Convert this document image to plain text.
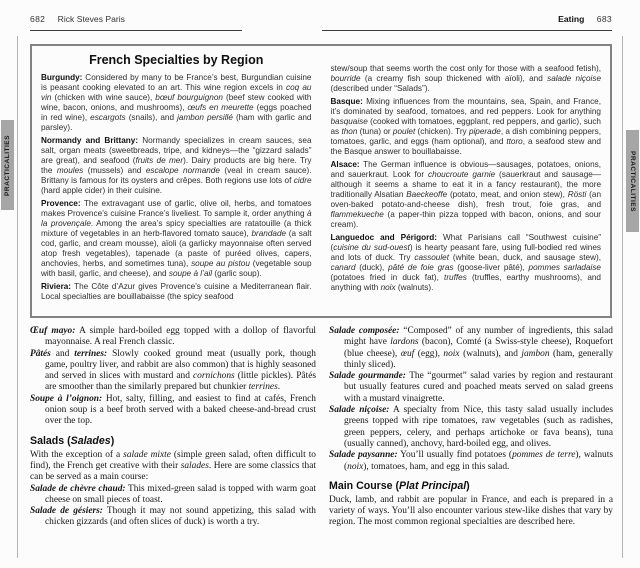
PRACTICALITIES	PRACTICALITIES
682 Rick Steves Paris	Eating 683
French Specialties by Region

Burgundy: Considered by many to be France’s best, Burgundian cuisine is peasant cooking elevated to an art. This wine region excels in coq au vin (chicken with wine sauce), bœuf bourguignon (beef stew cooked with wine, bacon, onions, and mushrooms), œufs en meurette (eggs poached in red wine), escargots (snails), and jambon persillé (ham with garlic and parsley).

Normandy and Brittany: Normandy specializes in cream sauces, sea salt, organ meats (sweetbreads, tripe, and kidneys—the “gizzard salads” are great), and seafood (fruits de mer). Dairy products are big here. Try the moules (mussels) and escalope normande (veal in cream sauce). Brittany is famous for its oysters and crêpes. Both regions use lots of cidre (hard apple cider) in their cuisine.

Provence: The extravagant use of garlic, olive oil, herbs, and tomatoes makes Provence’s cuisine France’s liveliest. To sample it, order anything à la provençale. Among the area’s spicy specialties are ratatouille (a thick mixture of vegetables in an herb-flavored tomato sauce), brandade (a salt cod, garlic, and cream mousse), aïoli (a garlicky mayonnaise often served atop fresh vegetables), tapenade (a paste of puréed olives, capers, anchovies, herbs, and sometimes tuna), soupe au pistou (vegetable soup with basil, garlic, and cheese), and soupe à l’ail (garlic soup).

Riviera: The Côte d’Azur gives Provence’s cuisine a Mediterranean flair. Local specialties are bouillabaisse (the spicy seafood

stew/soup that seems worth the cost only for those with a seafood fetish), bourride (a creamy fish soup thickened with aïoli), and salade niçoise (described under “Salads”).

Basque: Mixing influences from the mountains, sea, Spain, and France, it’s dominated by seafood, tomatoes, and red peppers. Look for anything basquaise (cooked with tomatoes, eggplant, red peppers, and garlic), such as thon (tuna) or poulet (chicken). Try piperade, a dish combining peppers, tomatoes, garlic, and eggs (ham optional), and ttoro, a seafood stew and the Basque answer to bouillabaisse.

Alsace: The German influence is obvious—sausages, potatoes, onions, and sauerkraut. Look for choucroute garnie (sauerkraut and sausage—although it seems a shame to eat it in a fancy restaurant), the more traditionally Alsatian Baeckeoffe (potato, meat, and onion stew), Rösti (an oven-baked potato-and-cheese dish), fresh trout, foie gras, and flammekueche (a paper-thin pizza topped with bacon, onions, and sour cream).

Languedoc and Périgord: What Parisians call “Southwest cuisine” (cuisine du sud-ouest) is hearty peasant fare, using full-bodied red wines and lots of duck. Try cassoulet (white bean, duck, and sausage stew), canard (duck), pâté de foie gras (goose-liver pâté), pommes sarladaise (potatoes fried in duck fat), truffes (truffles, earthy mushrooms), and anything with noix (walnuts).

Œuf mayo: A simple hard-boiled egg topped with a dollop of flavorful mayonnaise. A real French classic.

Pâtés and terrines: Slowly cooked ground meat (usually pork, though game, poultry liver, and rabbit are also common) that is highly seasoned and served in slices with mustard and cornichons (little pickles). Pâtés are smoother than the similarly prepared but chunkier terrines.

Soupe à l’oignon: Hot, salty, filling, and easiest to find at cafés, French onion soup is a beef broth served with a baked cheese-and-bread crust over the top.

Salads (Salades)

With the exception of a salade mixte (simple green salad, often difficult to find), the French get creative with their salades. Here are some classics that can be served as a main course:

Salade de chèvre chaud: This mixed-green salad is topped with warm goat cheese on small pieces of toast.

Salade de gésiers: Though it may not sound appetizing, this salad with chicken gizzards (and often slices of duck) is worth a try.

Salade composée: “Composed” of any number of ingredients, this salad might have lardons (bacon), Comté (a Swiss-style cheese), Roquefort (blue cheese), œuf (egg), noix (walnuts), and jambon (ham, generally thinly sliced).

Salade gourmande: The “gourmet” salad varies by region and restaurant but usually features cured and poached meats served on salad greens with a mustard vinaigrette.

Salade niçoise: A specialty from Nice, this tasty salad usually includes greens topped with ripe tomatoes, raw vegetables (such as radishes, green peppers, celery, and perhaps artichoke or fava beans), tuna (usually canned), anchovy, hard-boiled egg, and olives.

Salade paysanne: You’ll usually find potatoes (pommes de terre), walnuts (noix), tomatoes, ham, and egg in this salad.

Main Course (Plat Principal)

Duck, lamb, and rabbit are popular in France, and each is prepared in a variety of ways. You’ll also encounter various stew-like dishes that vary by region. The most common regional specialties are described here.
